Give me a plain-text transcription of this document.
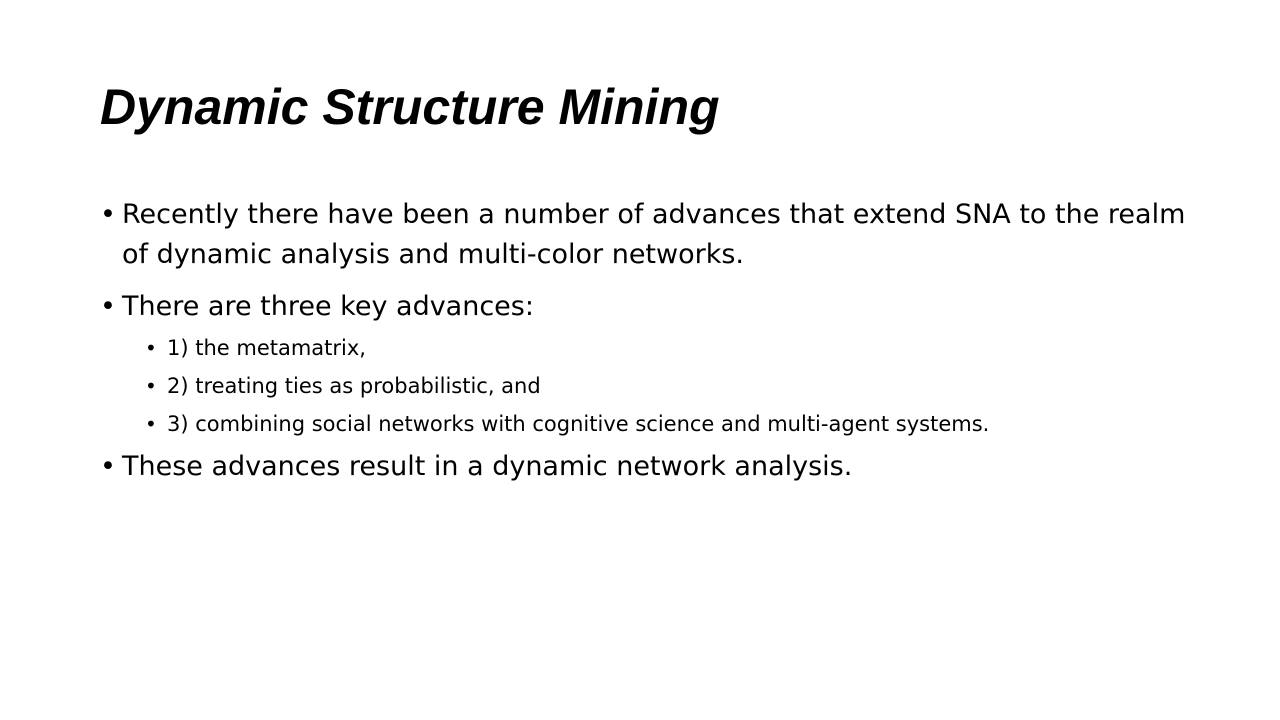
Dynamic Structure Mining
• Recently there have been a number of advances that extend SNA to the realm of dynamic analysis and multi-color networks.
• There are three key advances:
• 1) the metamatrix,
• 2) treating ties as probabilistic, and
• 3) combining social networks with cognitive science and multi-agent systems.
• These advances result in a dynamic network analysis.
